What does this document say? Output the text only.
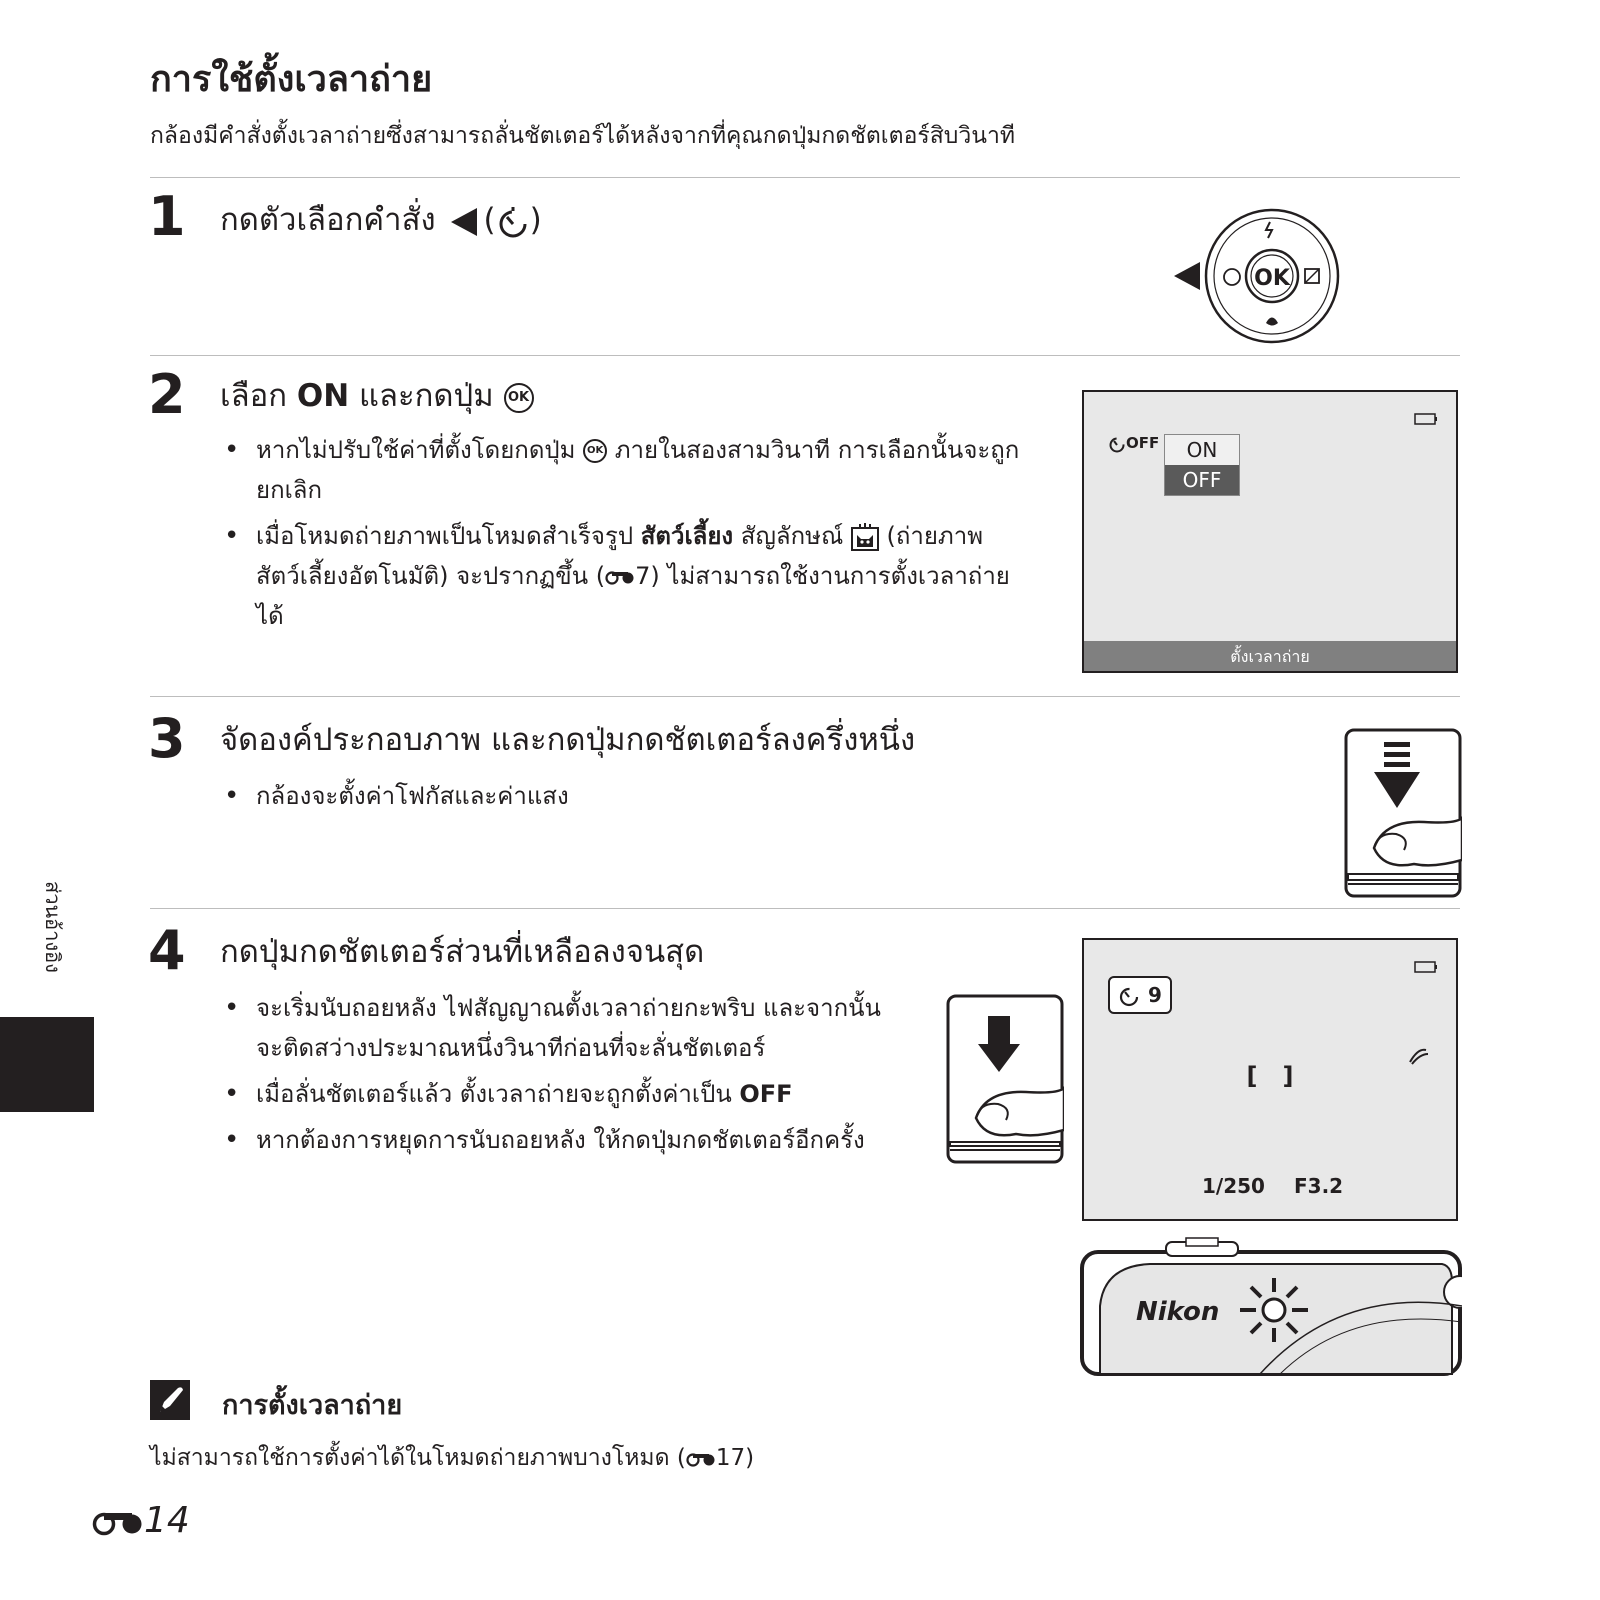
การใช้ตั้งเวลาถ่าย
กล้องมีคำสั่งตั้งเวลาถ่ายซึ่งสามารถลั่นชัตเตอร์ได้หลังจากที่คุณกดปุ่มกดชัตเตอร์สิบวินาที
1 กดตัวเลือกคำสั่ง ( )
OK
2 เลือก ON และกดปุ่ม OK
• หากไม่ปรับใช้ค่าที่ตั้งโดยกดปุ่ม OK ภายในสองสามวินาที การเลือกนั้นจะถูกยกเลิก
• เมื่อโหมดถ่ายภาพเป็นโหมดสำเร็จรูป สัตว์เลี้ยง สัญลักษณ์ (ถ่ายภาพสัตว์เลี้ยงอัตโนมัติ) จะปรากฏขึ้น ( 7) ไม่สามารถใช้งานการตั้งเวลาถ่ายได้
OFF	ON
OFF
ตั้งเวลาถ่าย
3 จัดองค์ประกอบภาพ และกดปุ่มกดชัตเตอร์ลงครึ่งหนึ่ง
• กล้องจะตั้งค่าโฟกัสและค่าแสง
4 กดปุ่มกดชัตเตอร์ส่วนที่เหลือลงจนสุด
• จะเริ่มนับถอยหลัง ไฟสัญญาณตั้งเวลาถ่ายกะพริบ และจากนั้นจะติดสว่างประมาณหนึ่งวินาทีก่อนที่จะลั่นชัตเตอร์
• เมื่อลั่นชัตเตอร์แล้ว ตั้งเวลาถ่ายจะถูกตั้งค่าเป็น OFF
• หากต้องการหยุดการนับถอยหลัง ให้กดปุ่มกดชัตเตอร์อีกครั้ง
9
[   ]
1/250 F3.2
Nikon
ส่วนอ้างอิง
การตั้งเวลาถ่าย
ไม่สามารถใช้การตั้งค่าได้ในโหมดถ่ายภาพบางโหมด ( 17)
14
